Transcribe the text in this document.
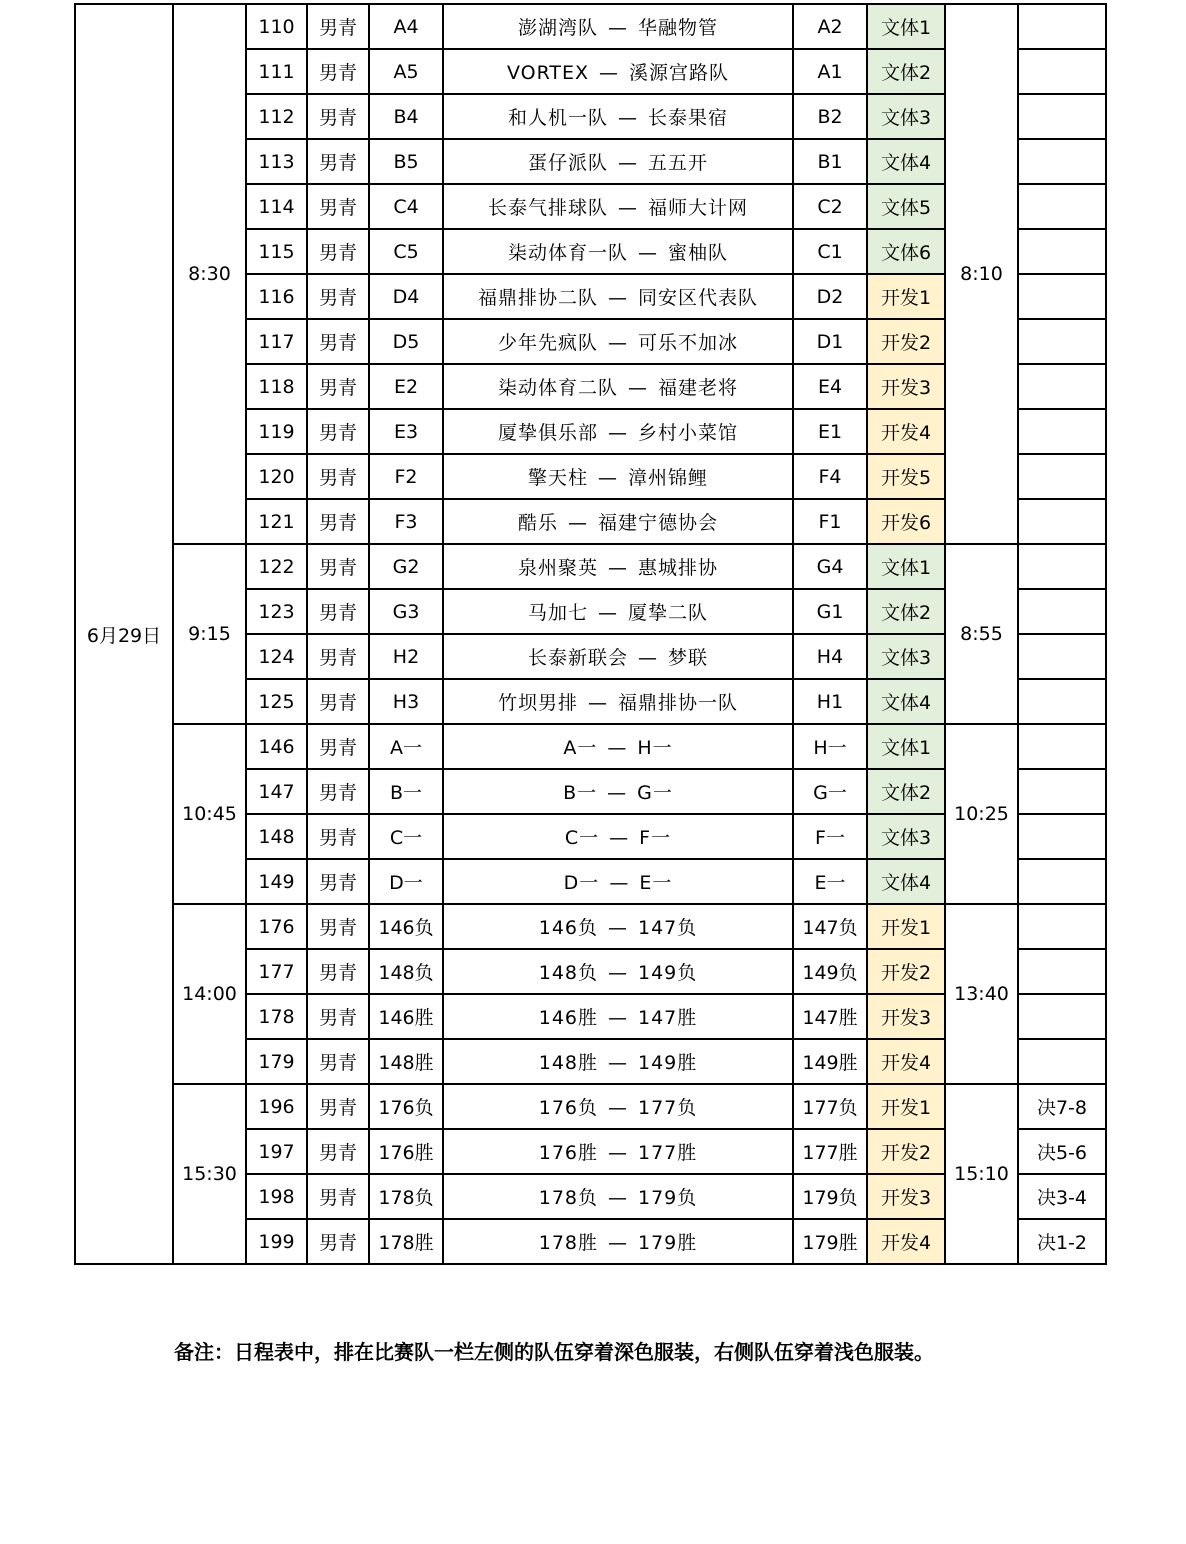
6月29日	8:30	110	男青	A4	澎湖湾队 — 华融物管	A2	文体1	8:10	
		111	男青	A5	VORTEX — 溪源宫路队	A1	文体2		
		112	男青	B4	和人机一队 — 长泰果宿	B2	文体3		
		113	男青	B5	蛋仔派队 — 五五开	B1	文体4		
		114	男青	C4	长泰气排球队 — 福师大计网	C2	文体5		
		115	男青	C5	柒动体育一队 — 蜜柚队	C1	文体6		
		116	男青	D4	福鼎排协二队 — 同安区代表队	D2	开发1		
		117	男青	D5	少年先疯队 — 可乐不加冰	D1	开发2		
		118	男青	E2	柒动体育二队 — 福建老将	E4	开发3		
		119	男青	E3	厦挚俱乐部 — 乡村小菜馆	E1	开发4		
		120	男青	F2	擎天柱 — 漳州锦鲤	F4	开发5		
		121	男青	F3	酷乐 — 福建宁德协会	F1	开发6		
	9:15	122	男青	G2	泉州聚英 — 惠城排协	G4	文体1	8:55	
		123	男青	G3	马加七 — 厦挚二队	G1	文体2		
		124	男青	H2	长泰新联会 — 梦联	H4	文体3		
		125	男青	H3	竹坝男排 — 福鼎排协一队	H1	文体4		
	10:45	146	男青	A一	A一 — H一	H一	文体1	10:25	
		147	男青	B一	B一 — G一	G一	文体2		
		148	男青	C一	C一 — F一	F一	文体3		
		149	男青	D一	D一 — E一	E一	文体4		
	14:00	176	男青	146负	146负 — 147负	147负	开发1	13:40	
		177	男青	148负	148负 — 149负	149负	开发2		
		178	男青	146胜	146胜 — 147胜	147胜	开发3		
		179	男青	148胜	148胜 — 149胜	149胜	开发4		
	15:30	196	男青	176负	176负 — 177负	177负	开发1	15:10	决7-8
		197	男青	176胜	176胜 — 177胜	177胜	开发2		决5-6
		198	男青	178负	178负 — 179负	179负	开发3		决3-4
		199	男青	178胜	178胜 — 179胜	179胜	开发4		决1-2
备注：日程表中，排在比赛队一栏左侧的队伍穿着深色服装，右侧队伍穿着浅色服装。
